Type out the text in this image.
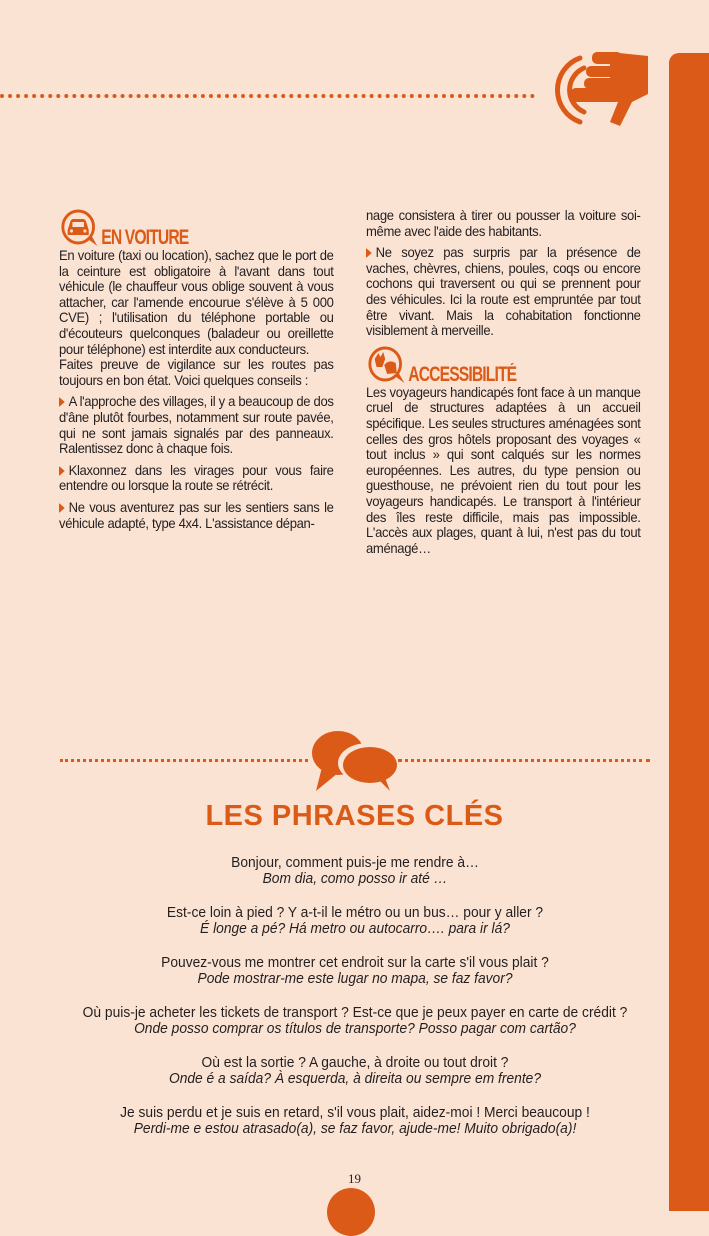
EN VOITURE

En voiture (taxi ou location), sachez que le port de la ceinture est obligatoire à l'avant dans tout véhicule (le chauffeur vous oblige souvent à vous attacher, car l'amende encourue s'élève à 5 000 CVE) ; l'utilisation du téléphone portable ou d'écouteurs quelconques (baladeur ou oreillette pour téléphone) est interdite aux conducteurs.

Faites preuve de vigilance sur les routes pas toujours en bon état. Voici quelques conseils :

A l'approche des villages, il y a beaucoup de dos d'âne plutôt fourbes, notamment sur route pavée, qui ne sont jamais signalés par des panneaux. Ralentissez donc à chaque fois.

Klaxonnez dans les virages pour vous faire entendre ou lorsque la route se rétrécit.

Ne vous aventurez pas sur les sentiers sans le véhicule adapté, type 4x4. L'assistance dépan-

nage consistera à tirer ou pousser la voiture soi-même avec l'aide des habitants.

Ne soyez pas surpris par la présence de vaches, chèvres, chiens, poules, coqs ou encore cochons qui traversent ou qui se prennent pour des véhicules. Ici la route est empruntée par tout être vivant. Mais la cohabitation fonctionne visiblement à merveille.

ACCESSIBILITÉ

Les voyageurs handicapés font face à un manque cruel de structures adaptées à un accueil spécifique. Les seules structures aménagées sont celles des gros hôtels proposant des voyages « tout inclus » qui sont calqués sur les normes européennes. Les autres, du type pension ou guesthouse, ne prévoient rien du tout pour les voyageurs handicapés. Le transport à l'intérieur des îles reste difficile, mais pas impossible. L'accès aux plages, quant à lui, n'est pas du tout aménagé…

LES PHRASES CLÉS
Bonjour, comment puis-je me rendre à…
Bom dia, como posso ir até …
Est-ce loin à pied ? Y a-t-il le métro ou un bus… pour y aller ?
É longe a pé? Há metro ou autocarro…. para ir lá?
Pouvez-vous me montrer cet endroit sur la carte s'il vous plait ?
Pode mostrar-me este lugar no mapa, se faz favor?
Où puis-je acheter les tickets de transport ? Est-ce que je peux payer en carte de crédit ?
Onde posso comprar os títulos de transporte? Posso pagar com cartão?
Où est la sortie ? A gauche, à droite ou tout droit ?
Onde é a saída? À esquerda, à direita ou sempre em frente?
Je suis perdu et je suis en retard, s'il vous plait, aidez-moi ! Merci beaucoup !
Perdi-me e estou atrasado(a), se faz favor, ajude-me! Muito obrigado(a)!
19
